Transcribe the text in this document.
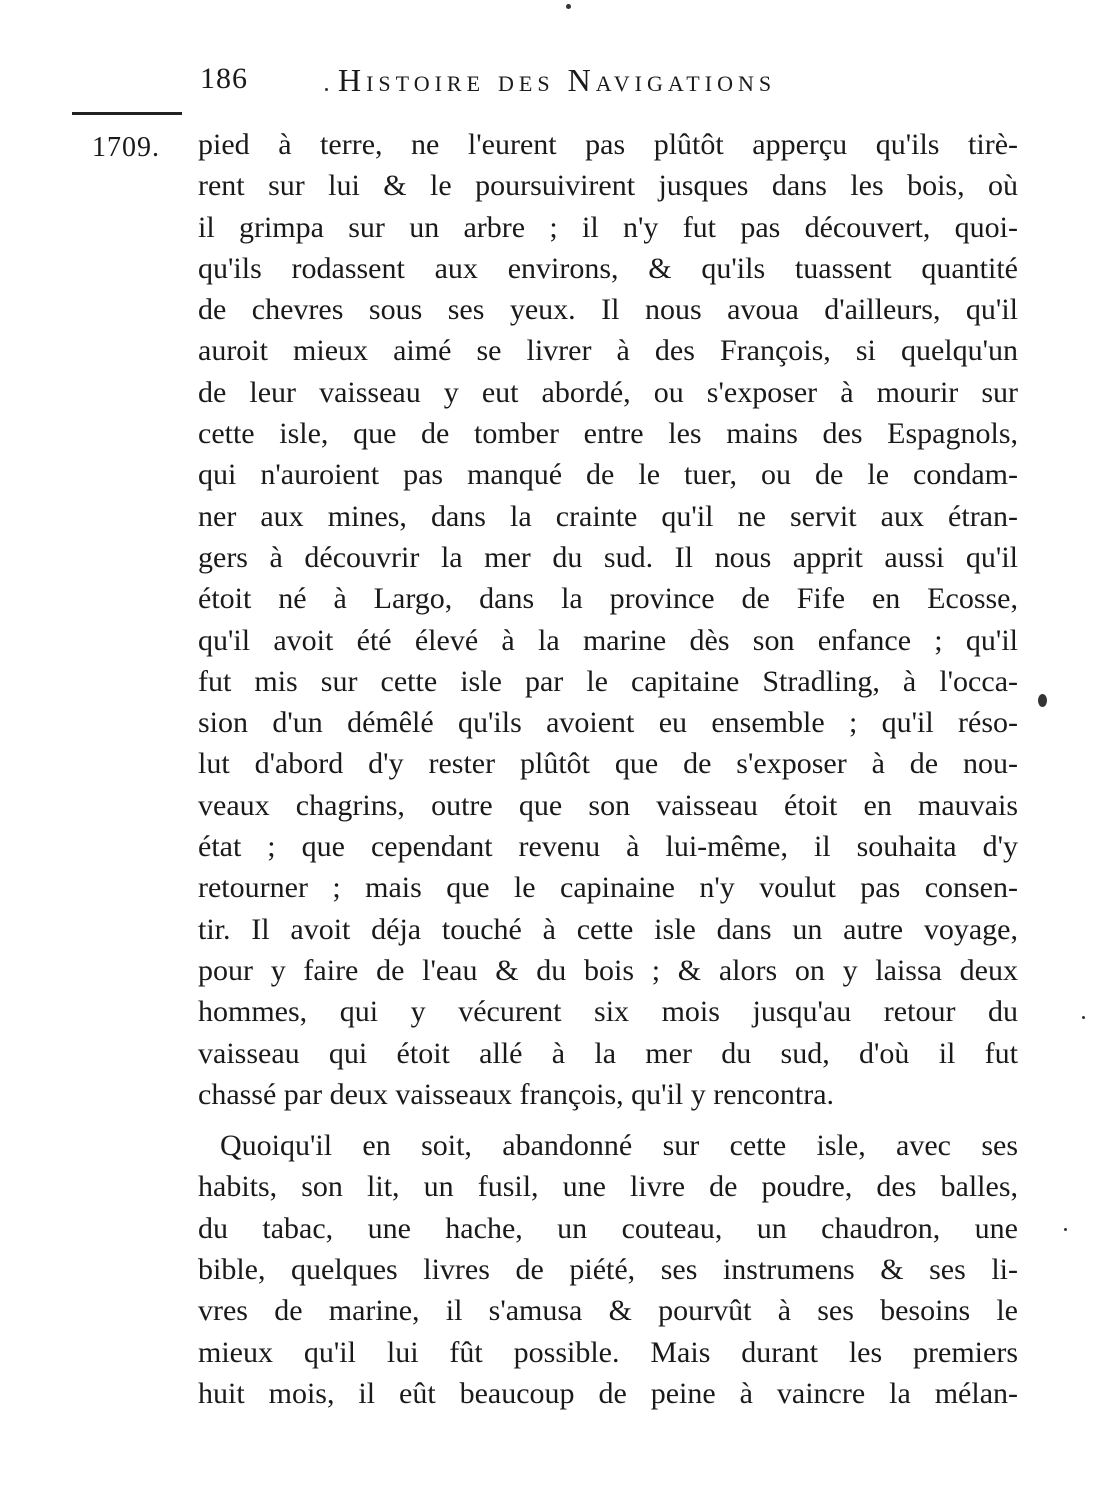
186	Histoire des Navigations
1709. pied à terre, ne l'eurent pas plûtôt apperçu qu'ils tirè-
rent sur lui & le poursuivirent jusques dans les bois, où
il grimpa sur un arbre ; il n'y fut pas découvert, quoi-
qu'ils rodassent aux environs, & qu'ils tuassent quantité
de chevres sous ses yeux. Il nous avoua d'ailleurs, qu'il
auroit mieux aimé se livrer à des François, si quelqu'un
de leur vaisseau y eut abordé, ou s'exposer à mourir sur
cette isle, que de tomber entre les mains des Espagnols,
qui n'auroient pas manqué de le tuer, ou de le condam-
ner aux mines, dans la crainte qu'il ne servit aux étran-
gers à découvrir la mer du sud. Il nous apprit aussi qu'il
étoit né à Largo, dans la province de Fife en Ecosse,
qu'il avoit été élevé à la marine dès son enfance ; qu'il
fut mis sur cette isle par le capitaine Stradling, à l'occa-
sion d'un démêlé qu'ils avoient eu ensemble ; qu'il réso-
lut d'abord d'y rester plûtôt que de s'exposer à de nou-
veaux chagrins, outre que son vaisseau étoit en mauvais
état ; que cependant revenu à lui-même, il souhaita d'y
retourner ; mais que le capinaine n'y voulut pas consen-
tir. Il avoit déja touché à cette isle dans un autre voyage,
pour y faire de l'eau & du bois ; & alors on y laissa deux
hommes, qui y vécurent six mois jusqu'au retour du
vaisseau qui étoit allé à la mer du sud, d'où il fut
chassé par deux vaisseaux françois, qu'il y rencontra.
Quoiqu'il en soit, abandonné sur cette isle, avec ses
habits, son lit, un fusil, une livre de poudre, des balles,
du tabac, une hache, un couteau, un chaudron, une
bible, quelques livres de piété, ses instrumens & ses li-
vres de marine, il s'amusa & pourvût à ses besoins le
mieux qu'il lui fût possible. Mais durant les premiers
huit mois, il eût beaucoup de peine à vaincre la mélan-
